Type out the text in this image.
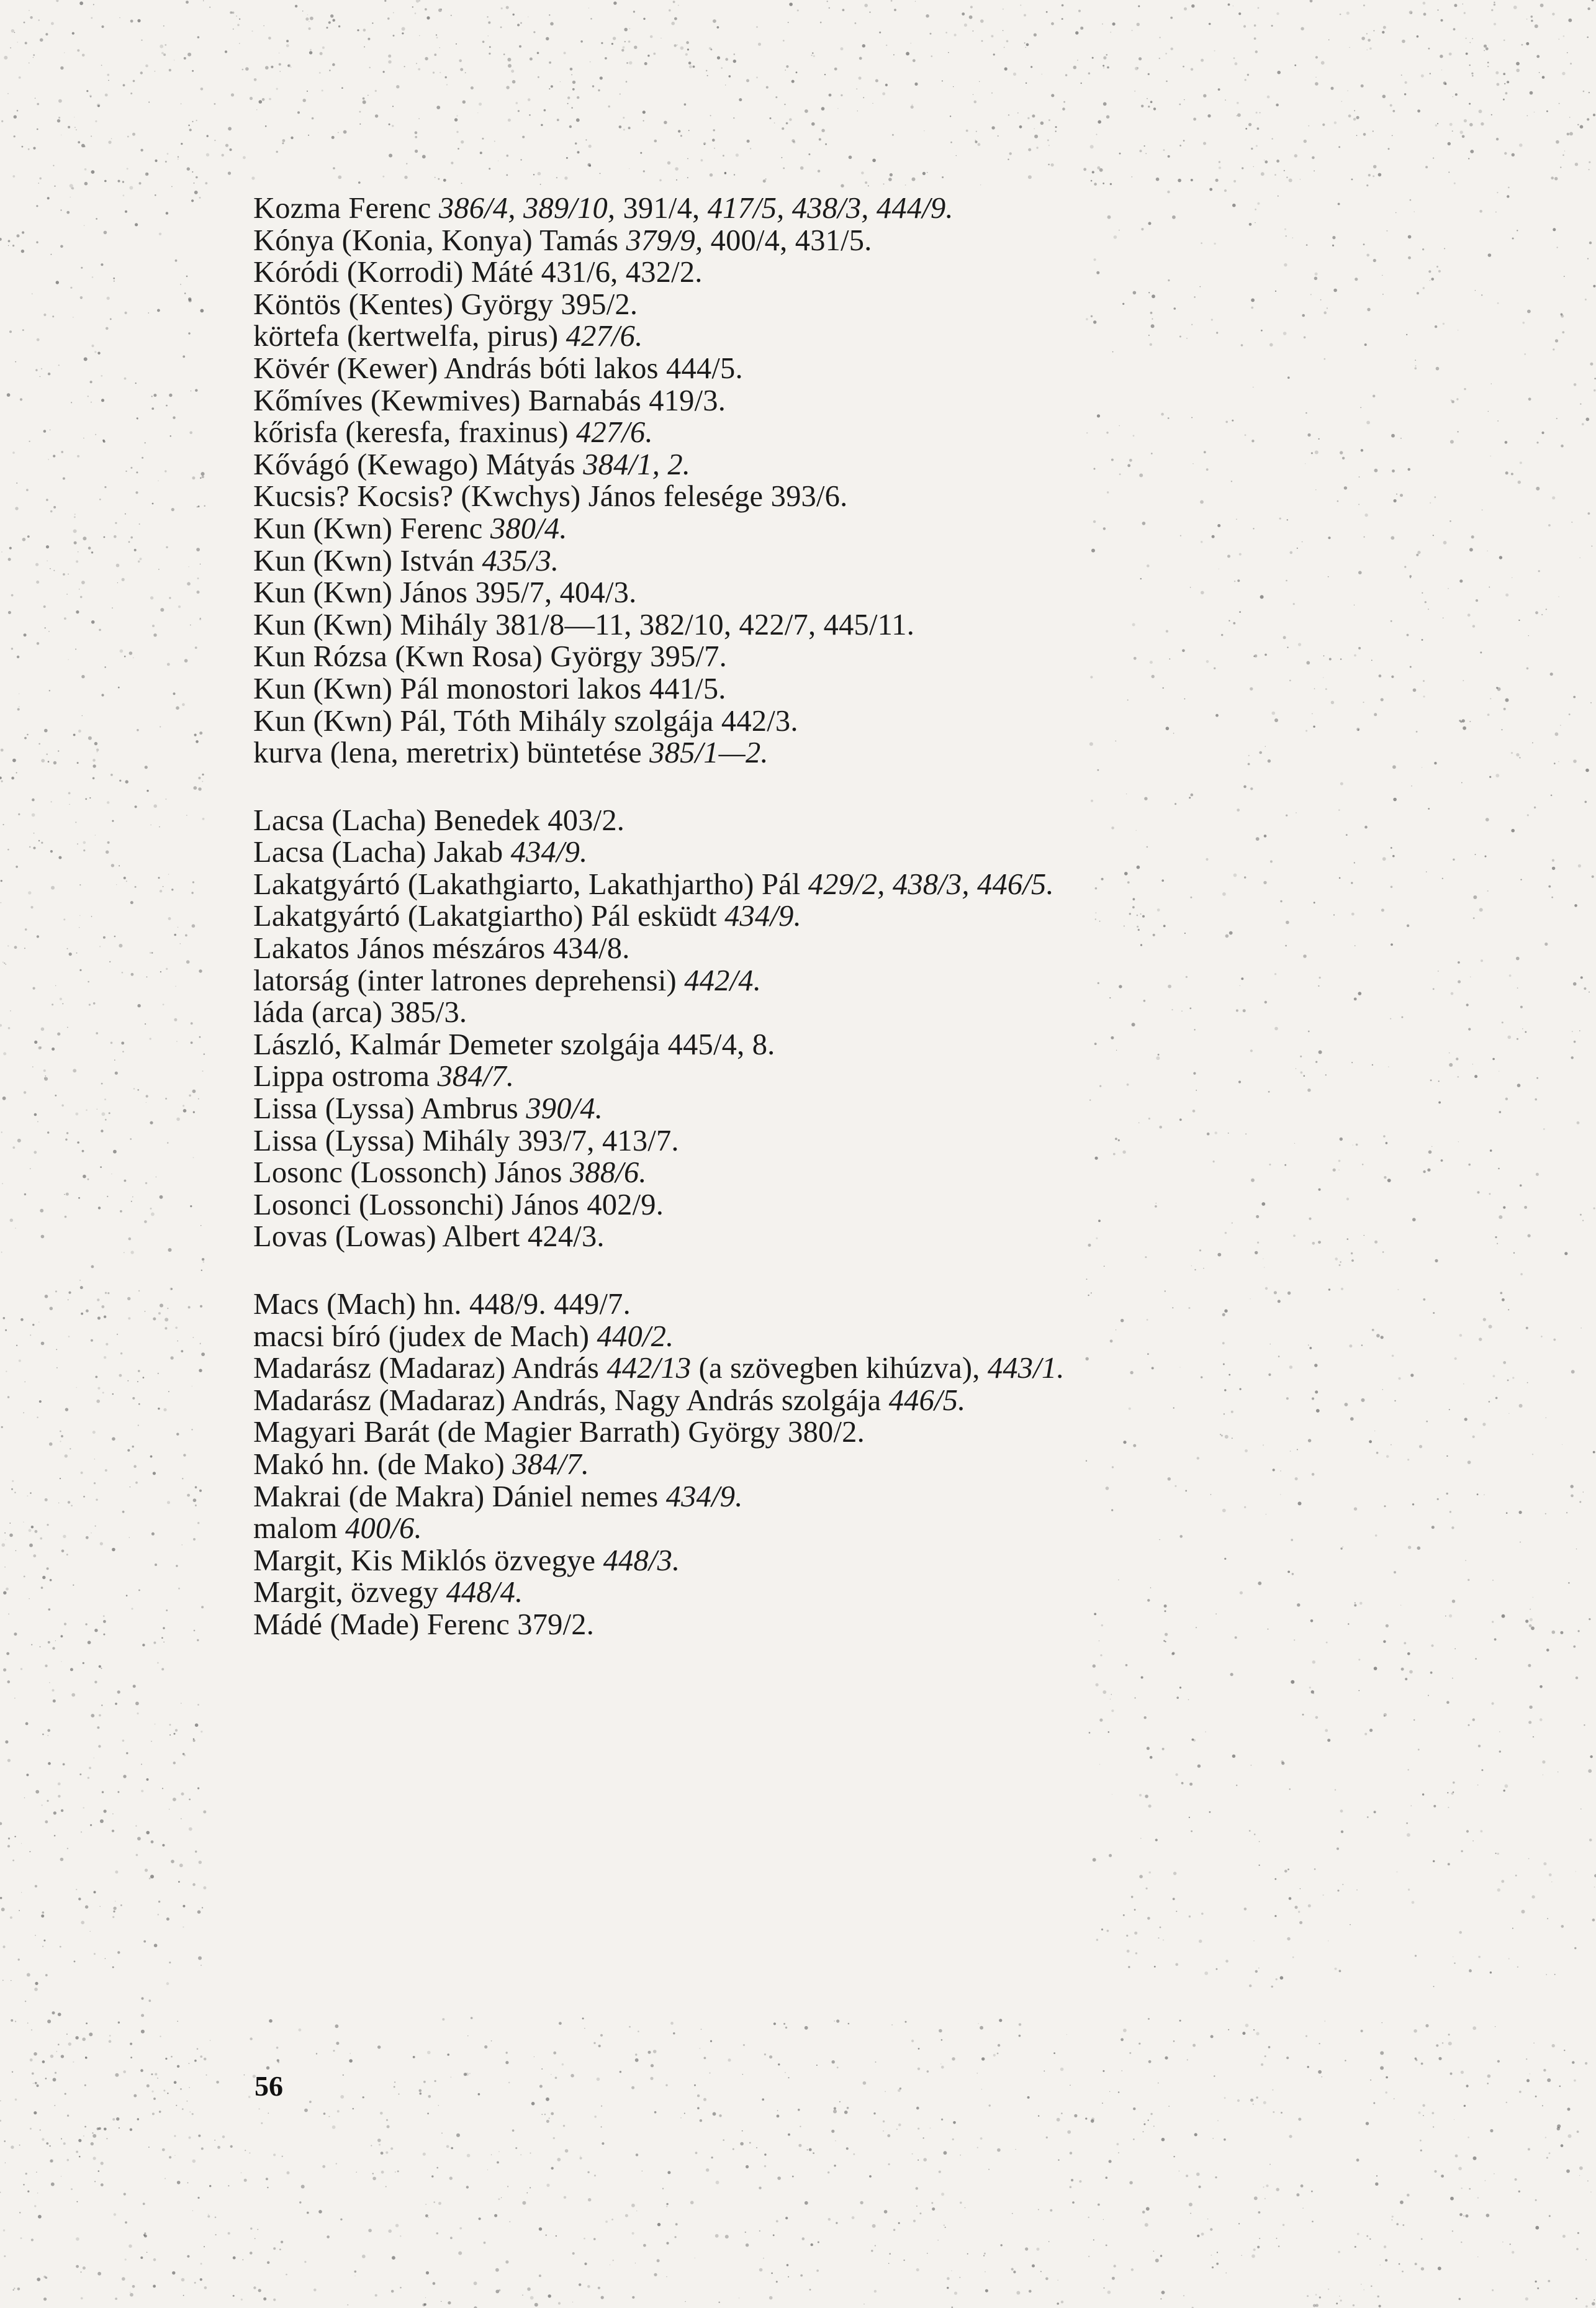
Kozma Ferenc 386/4, 389/10, 391/4, 417/5, 438/3, 444/9.
Kónya (Konia, Konya) Tamás 379/9, 400/4, 431/5.
Kóródi (Korrodi) Máté 431/6, 432/2.
Köntös (Kentes) György 395/2.
körtefa (kertwelfa, pirus) 427/6.
Kövér (Kewer) András bóti lakos 444/5.
Kőmíves (Kewmives) Barnabás 419/3.
kőrisfa (keresfa, fraxinus) 427/6.
Kővágó (Kewago) Mátyás 384/1, 2.
Kucsis? Kocsis? (Kwchys) János felesége 393/6.
Kun (Kwn) Ferenc 380/4.
Kun (Kwn) István 435/3.
Kun (Kwn) János 395/7, 404/3.
Kun (Kwn) Mihály 381/8—11, 382/10, 422/7, 445/11.
Kun Rózsa (Kwn Rosa) György 395/7.
Kun (Kwn) Pál monostori lakos 441/5.
Kun (Kwn) Pál, Tóth Mihály szolgája 442/3.
kurva (lena, meretrix) büntetése 385/1—2.
Lacsa (Lacha) Benedek 403/2.
Lacsa (Lacha) Jakab 434/9.
Lakatgyártó (Lakathgiarto, Lakathjartho) Pál 429/2, 438/3, 446/5.
Lakatgyártó (Lakatgiartho) Pál esküdt 434/9.
Lakatos János mészáros 434/8.
latorság (inter latrones deprehensi) 442/4.
láda (arca) 385/3.
László, Kalmár Demeter szolgája 445/4, 8.
Lippa ostroma 384/7.
Lissa (Lyssa) Ambrus 390/4.
Lissa (Lyssa) Mihály 393/7, 413/7.
Losonc (Lossonch) János 388/6.
Losonci (Lossonchi) János 402/9.
Lovas (Lowas) Albert 424/3.
Macs (Mach) hn. 448/9. 449/7.
macsi bíró (judex de Mach) 440/2.
Madarász (Madaraz) András 442/13 (a szövegben kihúzva), 443/1.
Madarász (Madaraz) András, Nagy András szolgája 446/5.
Magyari Barát (de Magier Barrath) György 380/2.
Makó hn. (de Mako) 384/7.
Makrai (de Makra) Dániel nemes 434/9.
malom 400/6.
Margit, Kis Miklós özvegye 448/3.
Margit, özvegy 448/4.
Mádé (Made) Ferenc 379/2.
56
